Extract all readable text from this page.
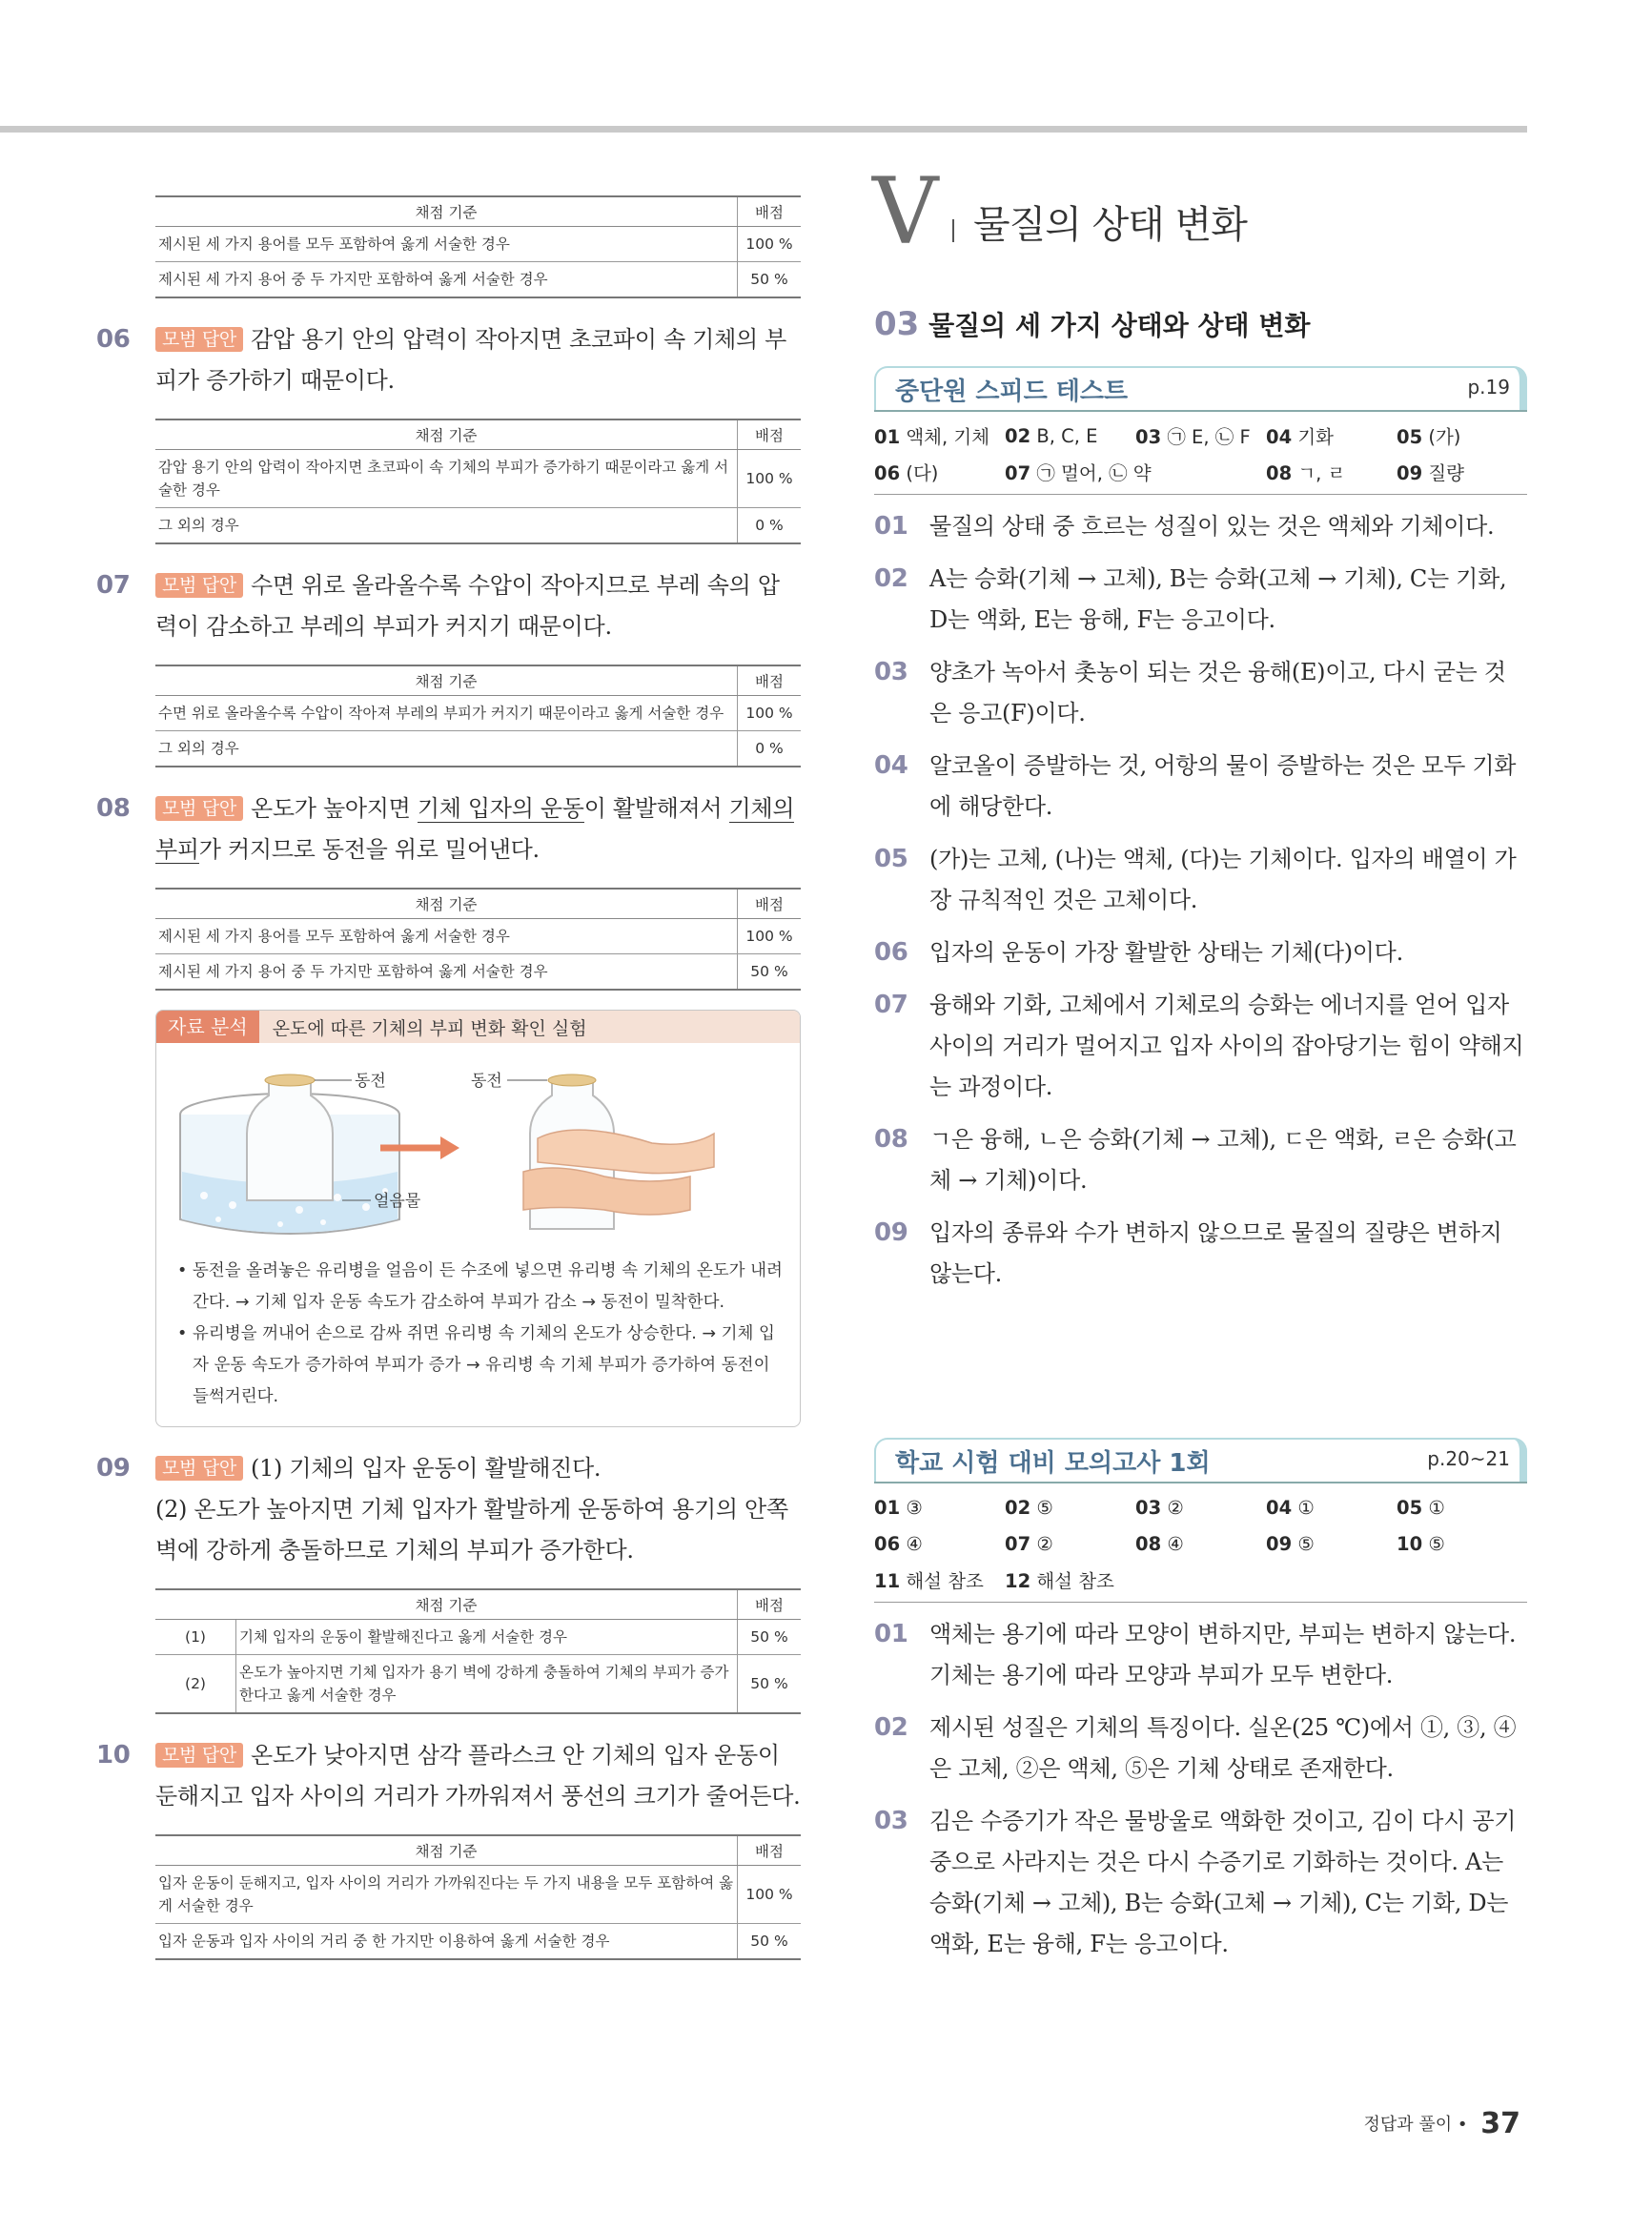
채점 기준	배점
제시된 세 가지 용어를 모두 포함하여 옳게 서술한 경우	100 %
제시된 세 가지 용어 중 두 가지만 포함하여 옳게 서술한 경우	50 %
06 모범 답안 감압 용기 안의 압력이 작아지면 초코파이 속 기체의 부피가 증가하기 때문이다.
채점 기준	배점
감압 용기 안의 압력이 작아지면 초코파이 속 기체의 부피가 증가하기 때문이라고 옳게 서술한 경우	100 %
그 외의 경우	0 %
07 모범 답안 수면 위로 올라올수록 수압이 작아지므로 부레 속의 압력이 감소하고 부레의 부피가 커지기 때문이다.
채점 기준	배점
수면 위로 올라올수록 수압이 작아져 부레의 부피가 커지기 때문이라고 옳게 서술한 경우	100 %
그 외의 경우	0 %
08 모범 답안 온도가 높아지면 기체 입자의 운동이 활발해져서 기체의 부피가 커지므로 동전을 위로 밀어낸다.
채점 기준	배점
제시된 세 가지 용어를 모두 포함하여 옳게 서술한 경우	100 %
제시된 세 가지 용어 중 두 가지만 포함하여 옳게 서술한 경우	50 %
자료 분석	온도에 따른 기체의 부피 변화 확인 실험
동전
얼음물
동전

• 동전을 올려놓은 유리병을 얼음이 든 수조에 넣으면 유리병 속 기체의 온도가 내려간다. → 기체 입자 운동 속도가 감소하여 부피가 감소 → 동전이 밀착한다.

• 유리병을 꺼내어 손으로 감싸 쥐면 유리병 속 기체의 온도가 상승한다. → 기체 입자 운동 속도가 증가하여 부피가 증가 → 유리병 속 기체 부피가 증가하여 동전이 들썩거린다.

09 모범 답안 (1) 기체의 입자 운동이 활발해진다.
(2) 온도가 높아지면 기체 입자가 활발하게 운동하여 용기의 안쪽 벽에 강하게 충돌하므로 기체의 부피가 증가한다.
채점 기준		배점
(1)	기체 입자의 운동이 활발해진다고 옳게 서술한 경우	50 %
(2)	온도가 높아지면 기체 입자가 용기 벽에 강하게 충돌하여 기체의 부피가 증가한다고 옳게 서술한 경우	50 %
10 모범 답안 온도가 낮아지면 삼각 플라스크 안 기체의 입자 운동이 둔해지고 입자 사이의 거리가 가까워져서 풍선의 크기가 줄어든다.
채점 기준	배점
입자 운동이 둔해지고, 입자 사이의 거리가 가까워진다는 두 가지 내용을 모두 포함하여 옳게 서술한 경우	100 %
입자 운동과 입자 사이의 거리 중 한 가지만 이용하여 옳게 서술한 경우	50 %
V 물질의 상태 변화
03 물질의 세 가지 상태와 상태 변화
중단원 스피드 테스트	p.19
01 액체, 기체 02 B, C, E	03 ㉠ E, ㉡ F 04 기화	05 (가)
06 (다)	07 ㉠ 멀어, ㉡ 약	08 ㄱ, ㄹ	09 질량
01 물질의 상태 중 흐르는 성질이 있는 것은 액체와 기체이다.
02 A는 승화(기체 → 고체), B는 승화(고체 → 기체), C는 기화, D는 액화, E는 융해, F는 응고이다.
03 양초가 녹아서 촛농이 되는 것은 융해(E)이고, 다시 굳는 것은 응고(F)이다.
04 알코올이 증발하는 것, 어항의 물이 증발하는 것은 모두 기화에 해당한다.
05 (가)는 고체, (나)는 액체, (다)는 기체이다. 입자의 배열이 가장 규칙적인 것은 고체이다.
06 입자의 운동이 가장 활발한 상태는 기체(다)이다.
07 융해와 기화, 고체에서 기체로의 승화는 에너지를 얻어 입자 사이의 거리가 멀어지고 입자 사이의 잡아당기는 힘이 약해지는 과정이다.
08 ㄱ은 융해, ㄴ은 승화(기체 → 고체), ㄷ은 액화, ㄹ은 승화(고체 → 기체)이다.
09 입자의 종류와 수가 변하지 않으므로 물질의 질량은 변하지 않는다.
학교 시험 대비 모의고사 1회	p.20~21
01 ③	02 ⑤	03 ②	04 ①	05 ①
06 ④	07 ②	08 ④	09 ⑤	10 ⑤
11 해설 참조	12 해설 참조
01 액체는 용기에 따라 모양이 변하지만, 부피는 변하지 않는다. 기체는 용기에 따라 모양과 부피가 모두 변한다.
02 제시된 성질은 기체의 특징이다. 실온(25 ℃)에서 ①, ③, ④은 고체, ②은 액체, ⑤은 기체 상태로 존재한다.
03 김은 수증기가 작은 물방울로 액화한 것이고, 김이 다시 공기 중으로 사라지는 것은 다시 수증기로 기화하는 것이다. A는 승화(기체 → 고체), B는 승화(고체 → 기체), C는 기화, D는 액화, E는 융해, F는 응고이다.
정답과 풀이 • 37
